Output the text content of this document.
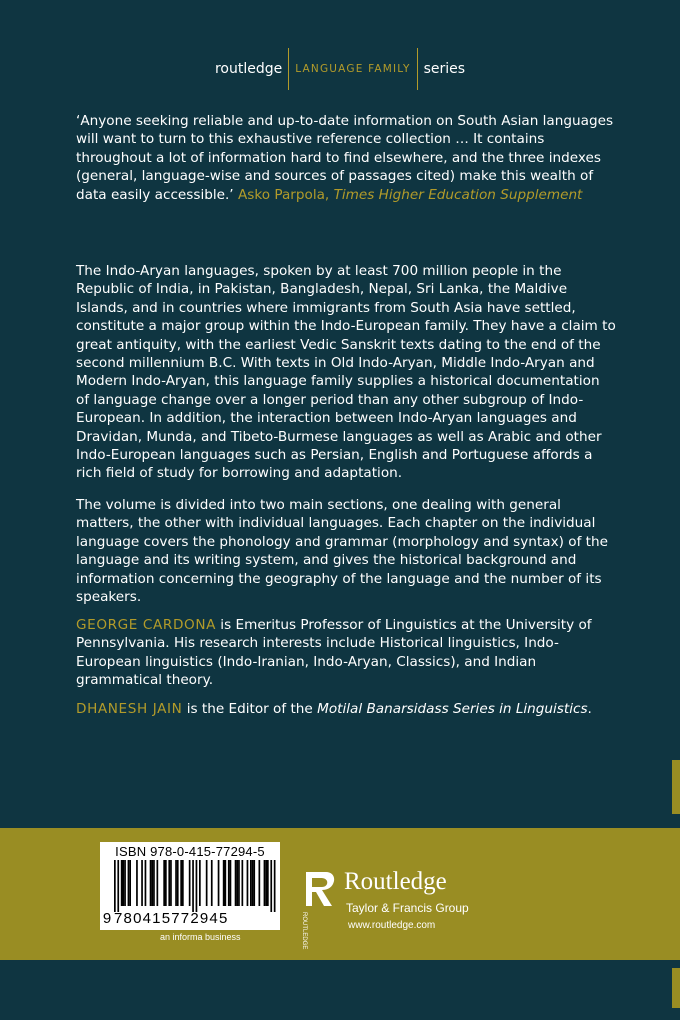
routledge	LANGUAGE FAMILY series

‘Anyone seeking reliable and up-to-date information on South Asian languages will want to turn to this exhaustive reference collection … It contains throughout a lot of information hard to find elsewhere, and the three indexes (general, language-wise and sources of passages cited) make this wealth of data easily accessible.’ Asko Parpola, Times Higher Education Supplement

The Indo-Aryan languages, spoken by at least 700 million people in the Republic of India, in Pakistan, Bangladesh, Nepal, Sri Lanka, the Maldive Islands, and in countries where immigrants from South Asia have settled, constitute a major group within the Indo-European family. They have a claim to great antiquity, with the earliest Vedic Sanskrit texts dating to the end of the second millennium B.C. With texts in Old Indo-Aryan, Middle Indo-Aryan and Modern Indo-Aryan, this language family supplies a historical documentation of language change over a longer period than any other subgroup of Indo-European. In addition, the interaction between Indo-Aryan languages and Dravidan, Munda, and Tibeto-Burmese languages as well as Arabic and other Indo-European languages such as Persian, English and Portuguese affords a rich field of study for borrowing and adaptation.

The volume is divided into two main sections, one dealing with general matters, the other with individual languages. Each chapter on the individual language covers the phonology and grammar (morphology and syntax) of the language and its writing system, and gives the historical background and information concerning the geography of the language and the number of its speakers.

GEORGE CARDONA is Emeritus Professor of Linguistics at the University of Pennsylvania. His research interests include Historical linguistics, Indo-European linguistics (Indo-Iranian, Indo-Aryan, Classics), and Indian grammatical theory.

DHANESH JAIN is the Editor of the Motilal Banarsidass Series in Linguistics.

ISBN 978-0-415-77294-5
9 780415772945
an informa business	ROUTLEDGE
Routledge
Taylor & Francis Group
www.routledge.com
